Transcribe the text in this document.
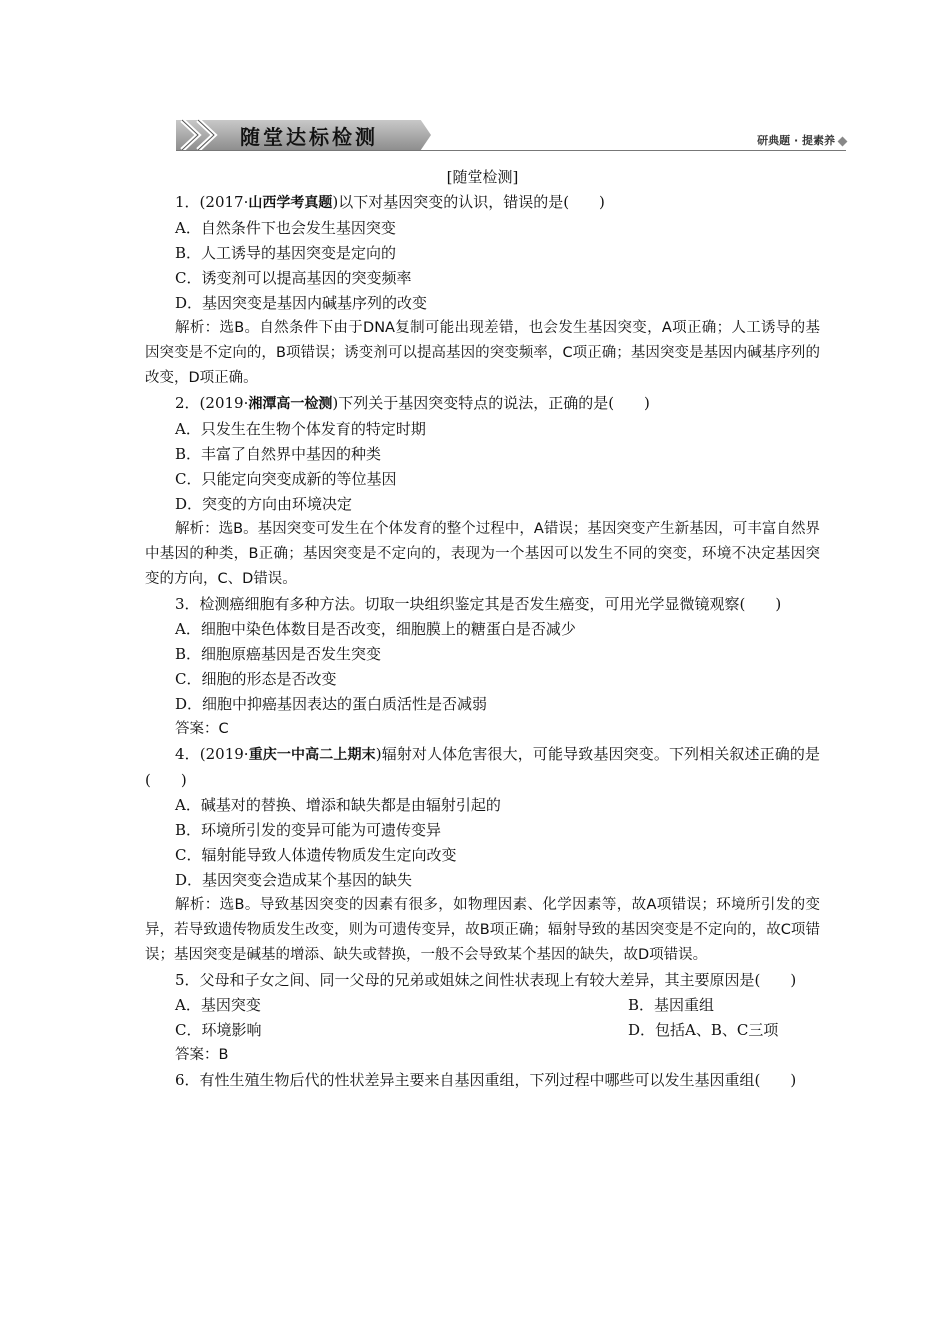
随堂达标检测	研典题 · 提素养

[随堂检测]

1．(2017·山西学考真题)以下对基因突变的认识，错误的是(　　)

A．自然条件下也会发生基因突变

B．人工诱导的基因突变是定向的

C．诱变剂可以提高基因的突变频率

D．基因突变是基因内碱基序列的改变

解析：选B。自然条件下由于DNA复制可能出现差错，也会发生基因突变，A项正确；人工诱导的基因突变是不定向的，B项错误；诱变剂可以提高基因的突变频率，C项正确；基因突变是基因内碱基序列的改变，D项正确。

2．(2019·湘潭高一检测)下列关于基因突变特点的说法，正确的是(　　)

A．只发生在生物个体发育的特定时期

B．丰富了自然界中基因的种类

C．只能定向突变成新的等位基因

D．突变的方向由环境决定

解析：选B。基因突变可发生在个体发育的整个过程中，A错误；基因突变产生新基因，可丰富自然界中基因的种类，B正确；基因突变是不定向的，表现为一个基因可以发生不同的突变，环境不决定基因突变的方向，C、D错误。

3．检测癌细胞有多种方法。切取一块组织鉴定其是否发生癌变，可用光学显微镜观察(　　)

A．细胞中染色体数目是否改变，细胞膜上的糖蛋白是否减少

B．细胞原癌基因是否发生突变

C．细胞的形态是否改变

D．细胞中抑癌基因表达的蛋白质活性是否减弱

答案：C

4．(2019·重庆一中高二上期末)辐射对人体危害很大，可能导致基因突变。下列相关叙述正确的是(　　)

A．碱基对的替换、增添和缺失都是由辐射引起的

B．环境所引发的变异可能为可遗传变异

C．辐射能导致人体遗传物质发生定向改变

D．基因突变会造成某个基因的缺失

解析：选B。导致基因突变的因素有很多，如物理因素、化学因素等，故A项错误；环境所引发的变异，若导致遗传物质发生改变，则为可遗传变异，故B项正确；辐射导致的基因突变是不定向的，故C项错误；基因突变是碱基的增添、缺失或替换，一般不会导致某个基因的缺失，故D项错误。

5．父母和子女之间、同一父母的兄弟或姐妹之间性状表现上有较大差异，其主要原因是(　　)

A．基因突变	B．基因重组

C．环境影响	D．包括A、B、C三项

答案：B

6．有性生殖生物后代的性状差异主要来自基因重组，下列过程中哪些可以发生基因重组(　　)
